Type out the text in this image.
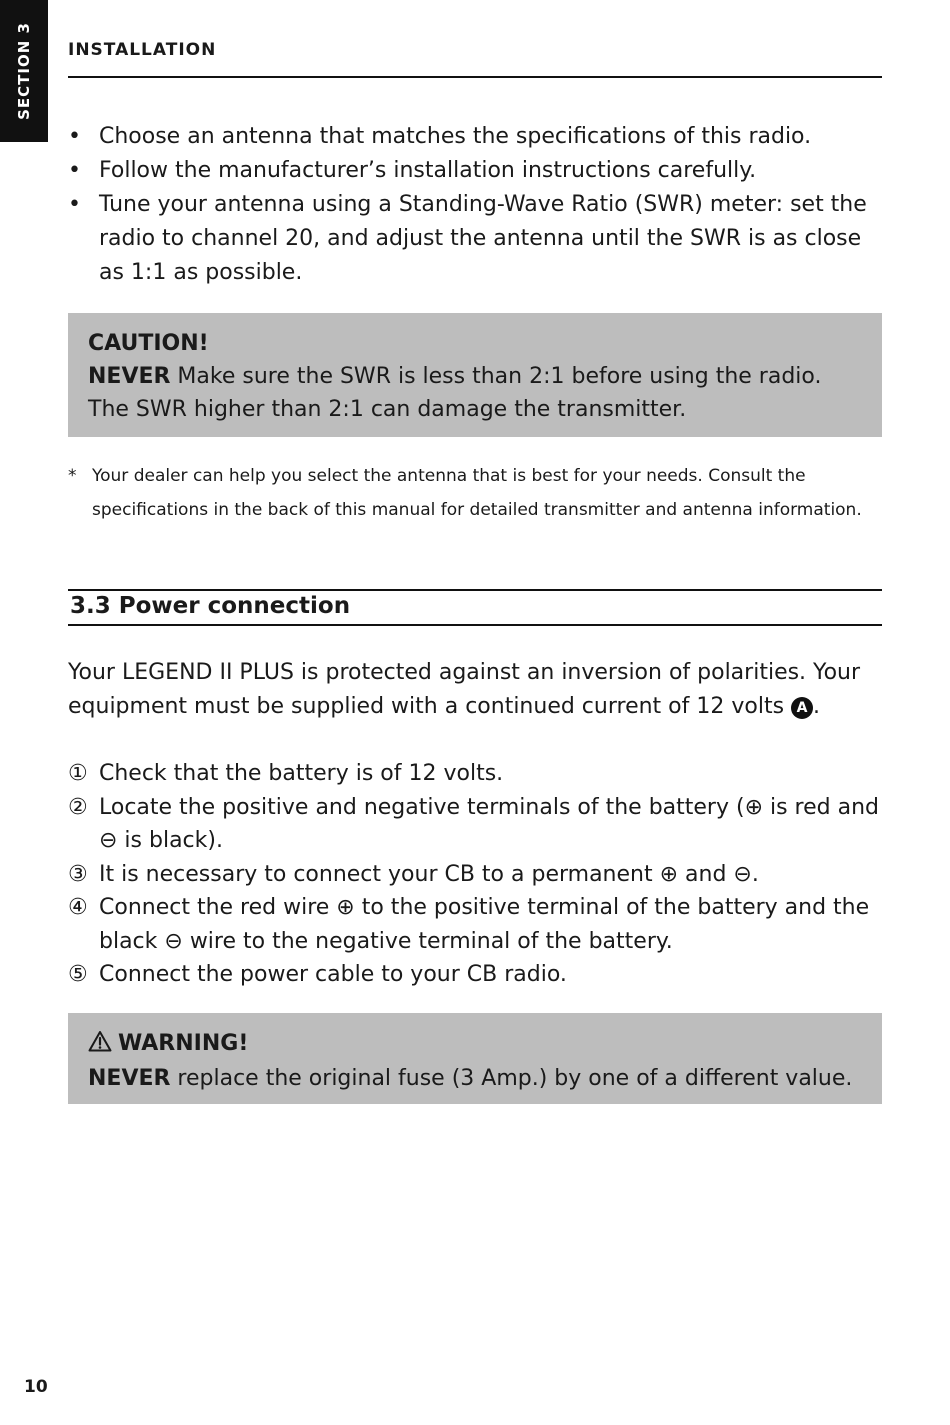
SECTION 3 INSTALLATION
• Choose an antenna that matches the specifications of this radio.
• Follow the manufacturer’s installation instructions carefully.
• Tune your antenna using a Standing-Wave Ratio (SWR) meter: set the radio to channel 20, and adjust the antenna until the SWR is as close as 1:1 as possible.
CAUTION!
NEVER Make sure the SWR is less than 2:1 before using the radio.
The SWR higher than 2:1 can damage the transmitter.
* Your dealer can help you select the antenna that is best for your needs. Consult the specifications in the back of this manual for detailed transmitter and antenna information.
3.3 Power connection
Your LEGEND II PLUS is protected against an inversion of polarities. Your equipment must be supplied with a continued current of 12 volts A .
① Check that the battery is of 12 volts.
② Locate the positive and negative terminals of the battery (⊕ is red and ⊖ is black).
③ It is necessary to connect your CB to a permanent ⊕ and ⊖.
④ Connect the red wire ⊕ to the positive terminal of the battery and the black ⊖ wire to the negative terminal of the battery.
⑤ Connect the power cable to your CB radio.
WARNING!
NEVER replace the original fuse (3 Amp.) by one of a different value.
10
